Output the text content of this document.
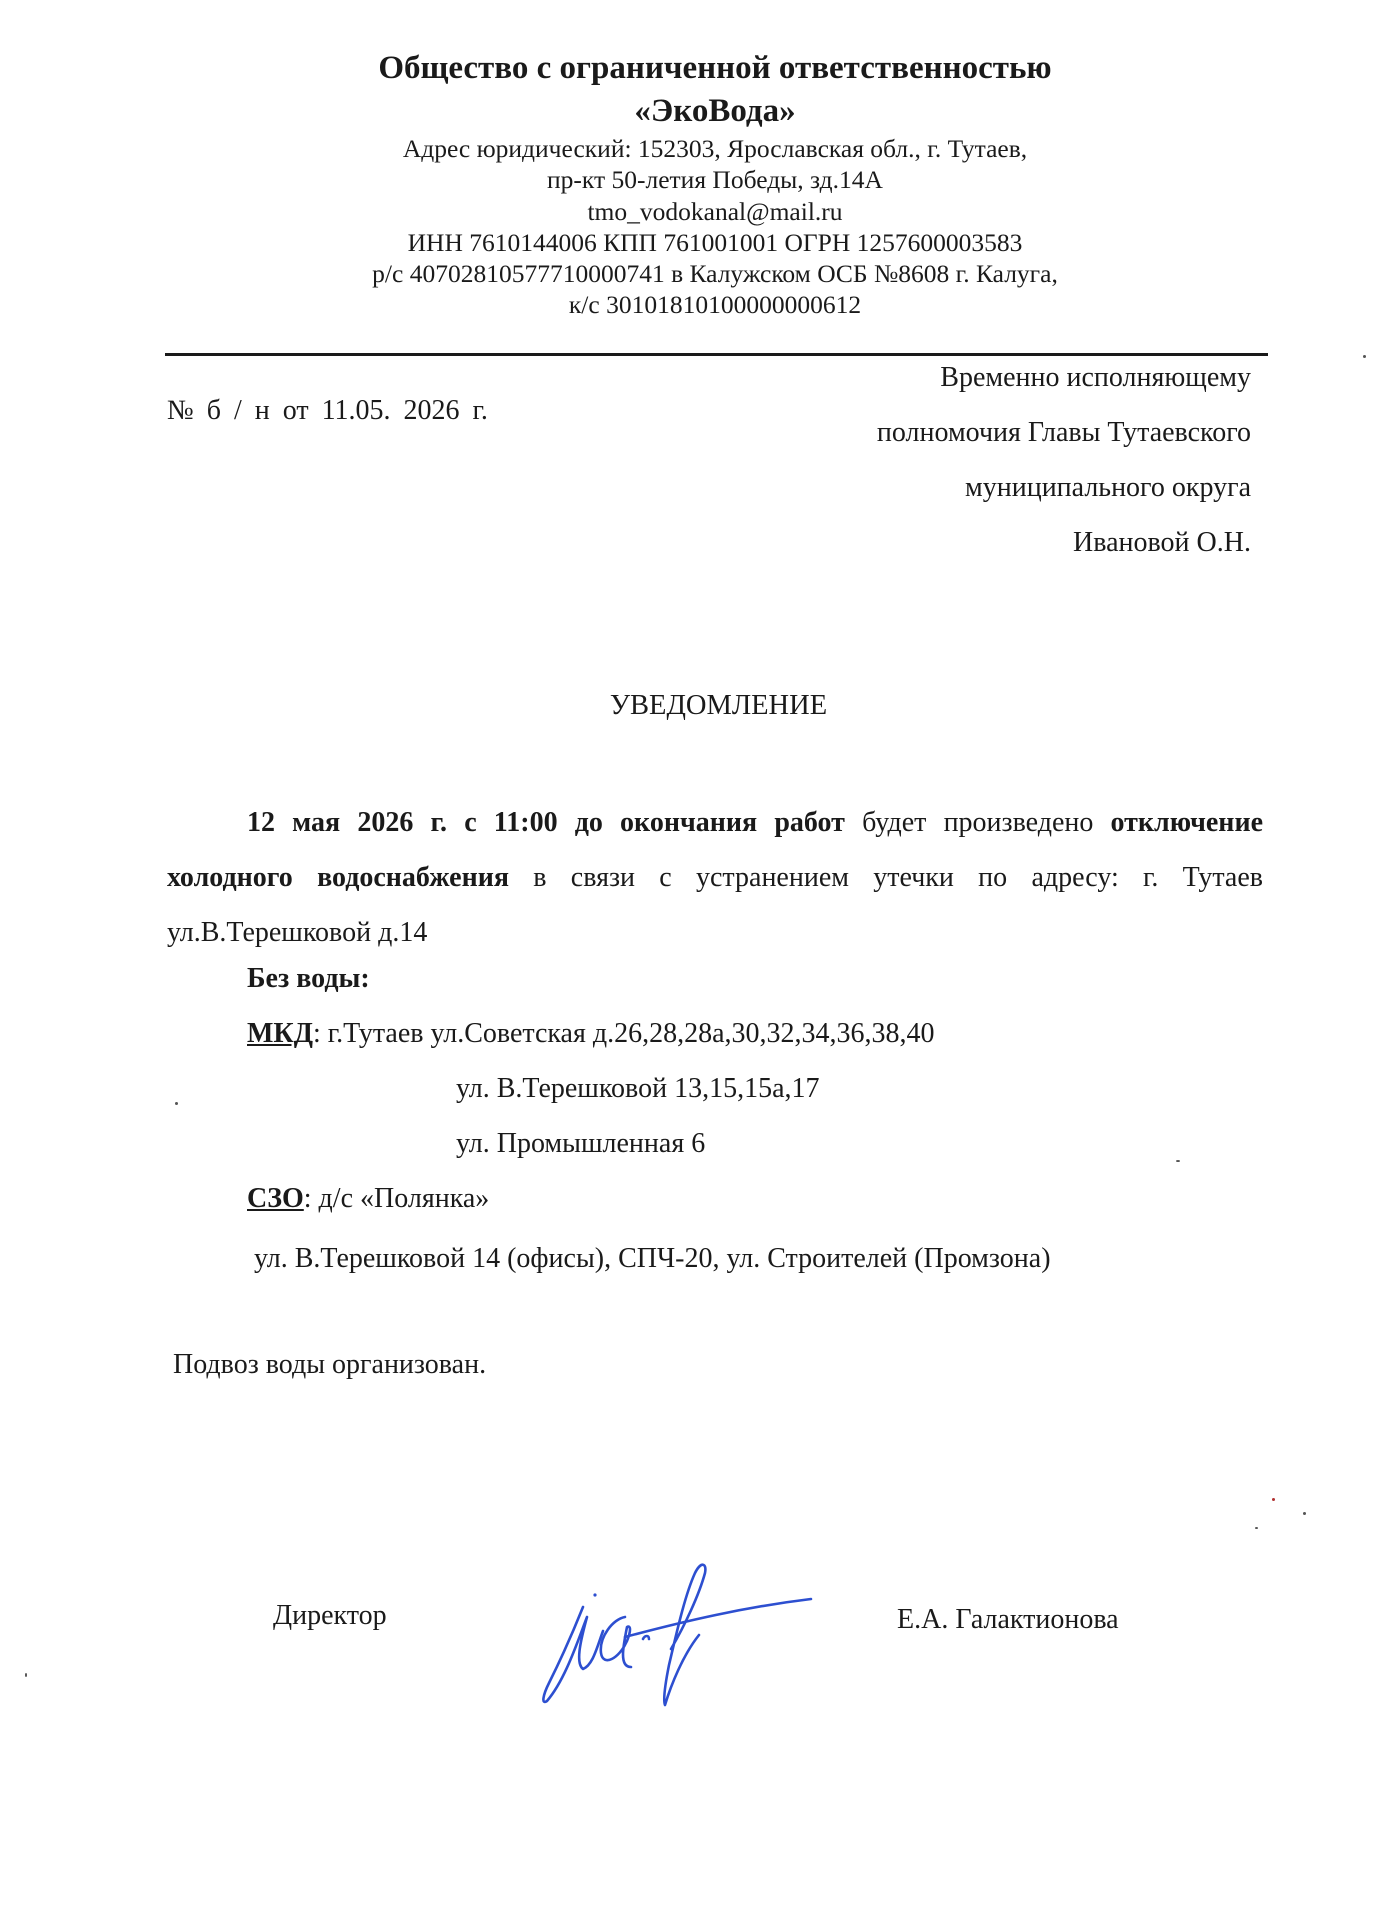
Общество с ограниченной ответственностью
«ЭкоВода»
Адрес юридический: 152303, Ярославская обл., г. Тутаев,
пр-кт 50-летия Победы, зд.14А
tmo_vodokanal@mail.ru
ИНН 7610144006 КПП 761001001 ОГРН 1257600003583
р/с 40702810577710000741 в Калужском ОСБ №8608 г. Калуга,
к/с 30101810100000000612
№ б / н от 11.05. 2026 г.
Временно исполняющему
полномочия Главы Тутаевского
муниципального округа
Ивановой О.Н.
УВЕДОМЛЕНИЕ
12 мая 2026 г. с 11:00 до окончания работ будет произведено отключение холодного водоснабжения в связи с устранением утечки по адресу: г. Тутаев ул.В.Терешковой д.14
Без воды:
МКД: г.Тутаев ул.Советская д.26,28,28а,30,32,34,36,38,40
ул. В.Терешковой 13,15,15а,17
ул. Промышленная 6
СЗО: д/с «Полянка»
ул. В.Терешковой 14 (офисы), СПЧ-20, ул. Строителей (Промзона)
Подвоз воды организован.
Директор	Е.А. Галактионова
